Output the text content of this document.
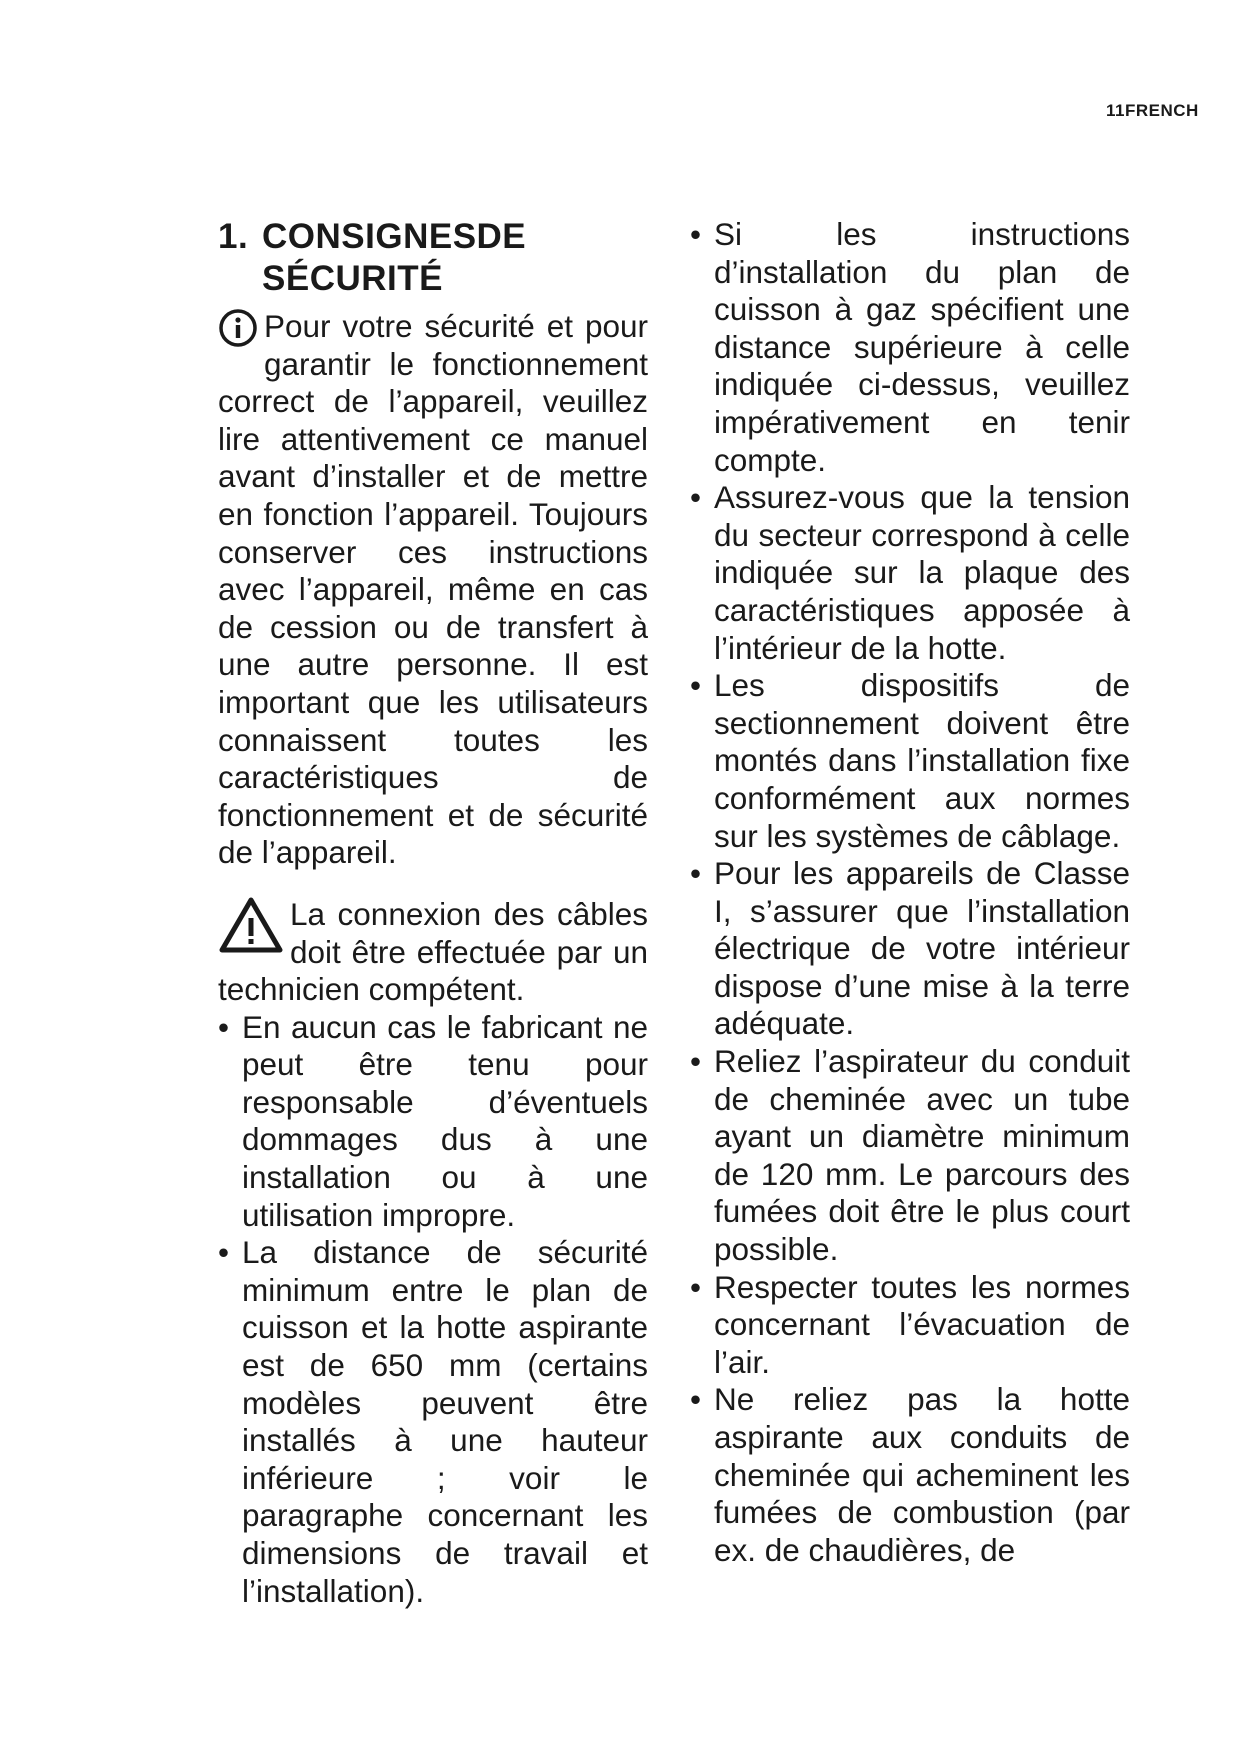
11FRENCH
1. CONSIGNESDE SÉCURITÉ

Pour votre sécurité et pour garantir le fonctionnement correct de l’appareil, veuillez lire attentivement ce manuel avant d’installer et de mettre en fonction l’appareil. Toujours conserver ces instructions avec l’appareil, même en cas de cession ou de transfert à une autre personne. Il est important que les utilisateurs connaissent toutes les caractéristiques de fonctionnement et de sécurité de l’appareil.

La connexion des câbles doit être effectuée par un technicien compétent.

• En aucun cas le fabricant ne peut être tenu pour responsable d’éventuels dommages dus à une installation ou à une utilisation impropre.
• La distance de sécurité minimum entre le plan de cuisson et la hotte aspirante est de 650 mm (certains modèles peuvent être installés à une hauteur inférieure ; voir le paragraphe concernant les dimensions de travail et l’installation).
• Si les instructions d’installation du plan de cuisson à gaz spécifient une distance supérieure à celle indiquée ci-dessus, veuillez impérativement en tenir compte.
• Assurez-vous que la tension du secteur correspond à celle indiquée sur la plaque des caractéristiques apposée à l’intérieur de la hotte.
• Les dispositifs de sectionnement doivent être montés dans l’installation fixe conformément aux normes sur les systèmes de câblage.
• Pour les appareils de Classe I, s’assurer que l’installation électrique de votre intérieur dispose d’une mise à la terre adéquate.
• Reliez l’aspirateur du conduit de cheminée avec un tube ayant un diamètre minimum de 120 mm. Le parcours des fumées doit être le plus court possible.
• Respecter toutes les normes concernant l’évacuation de l’air.
• Ne reliez pas la hotte aspirante aux conduits de cheminée qui acheminent les fumées de combustion (par ex. de chaudières, de
